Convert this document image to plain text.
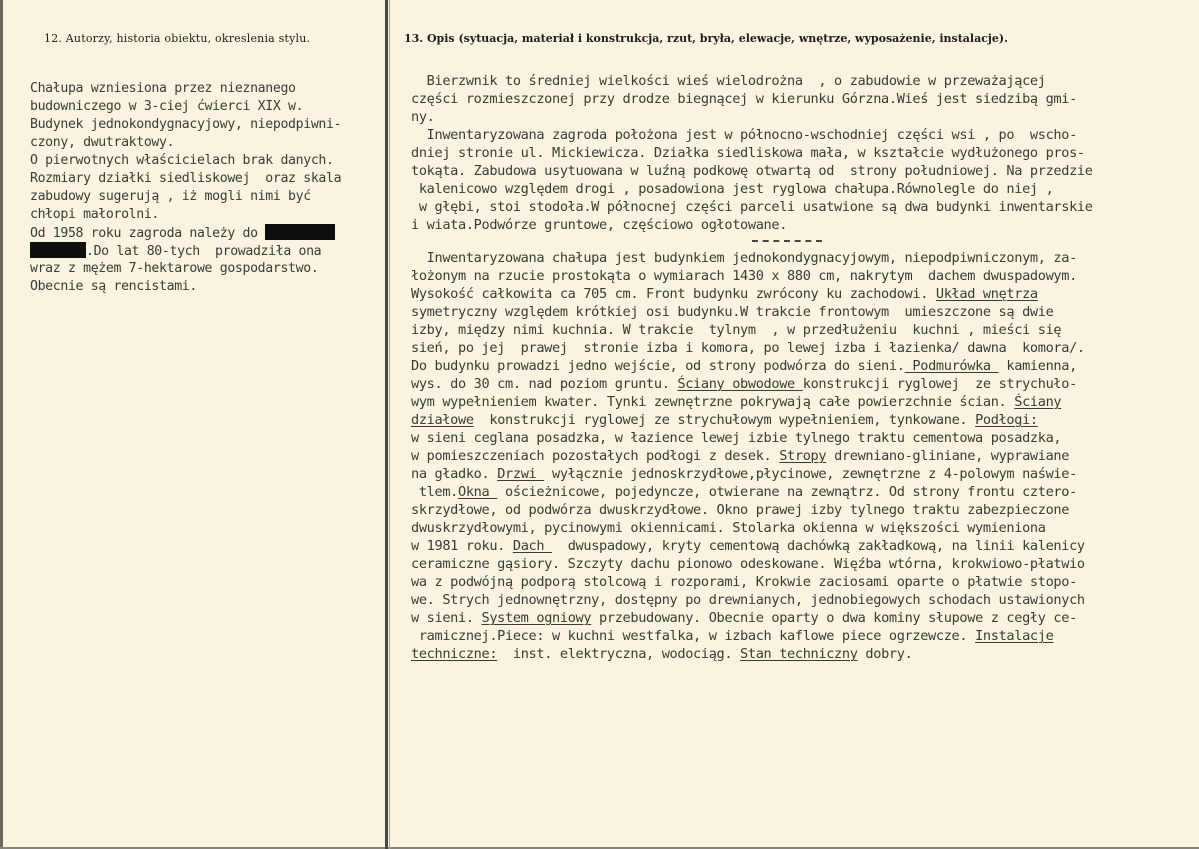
12. Autorzy, historia obiektu, okreslenia stylu.	13. Opis (sytuacja, materiał i konstrukcja, rzut, bryła, elewacje, wnętrze, wyposażenie, instalacje).
Chałupa wzniesiona przez nieznanego
budowniczego w 3-ciej ćwierci XIX w.
Budynek jednokondygnacyjowy, niepodpiwni-
czony, dwutraktowy.
O pierwotnych właścicielach brak danych.
Rozmiary działki siedliskowej  oraz skala
zabudowy sugerują , iż mogli nimi być
chłopi małorolni.
Od 1958 roku zagroda należy do
.Do lat 80-tych  prowadziła ona
wraz z mężem 7-hektarowe gospodarstwo.
Obecnie są rencistami.
Bierzwnik to średniej wielkości wieś wielodrożna  , o zabudowie w przeważającej
części rozmieszczonej przy drodze biegnącej w kierunku Górzna.Wieś jest siedzibą gmi-
ny.
Inwentaryzowana zagroda położona jest w północno-wschodniej części wsi , po  wscho-
dniej stronie ul. Mickiewicza. Działka siedliskowa mała, w kształcie wydłużonego pros-
tokąta. Zabudowa usytuowana w luźną podkowę otwartą od  strony południowej. Na przedzie
kalenicowo względem drogi , posadowiona jest ryglowa chałupa.Równolegle do niej ,
w głębi, stoi stodoła.W północnej części parceli usatwione są dwa budynki inwentarskie
i wiata.Podwórze gruntowe, częściowo ogłotowane.
Inwentaryzowana chałupa jest budynkiem jednokondygnacyjowym, niepodpiwniczonym, za-
łożonym na rzucie prostokąta o wymiarach 1430 x 880 cm, nakrytym  dachem dwuspadowym.
Wysokość całkowita ca 705 cm. Front budynku zwrócony ku zachodowi. Układ wnętrza
symetryczny względem krótkiej osi budynku.W trakcie frontowym  umieszczone są dwie
izby, między nimi kuchnia. W trakcie  tylnym  , w przedłużeniu  kuchni , mieści się
sień, po jej  prawej  stronie izba i komora, po lewej izba i łazienka/ dawna  komora/.
Do budynku prowadzi jedno wejście, od strony podwórza do sieni. Podmurówka  kamienna,
wys. do 30 cm. nad poziom gruntu. Ściany obwodowe konstrukcji ryglowej  ze strychuło-
wym wypełnieniem kwater. Tynki zewnętrzne pokrywają całe powierzchnie ścian. Ściany
działowe  konstrukcji ryglowej ze strychułowym wypełnieniem, tynkowane. Podłogi:
w sieni ceglana posadzka, w łazience lewej izbie tylnego traktu cementowa posadzka,
w pomieszczeniach pozostałych podłogi z desek. Stropy drewniano-gliniane, wyprawiane
na gładko. Drzwi  wyłącznie jednoskrzydłowe,płycinowe, zewnętrzne z 4-polowym naświe-
tlem.Okna  ościeżnicowe, pojedyncze, otwierane na zewnątrz. Od strony frontu cztero-
skrzydłowe, od podwórza dwuskrzydłowe. Okno prawej izby tylnego traktu zabezpieczone
dwuskrzydłowymi, pycinowymi okiennicami. Stolarka okienna w większości wymieniona
w 1981 roku. Dach   dwuspadowy, kryty cementową dachówką zakładkową, na linii kalenicy
ceramiczne gąsiory. Szczyty dachu pionowo odeskowane. Więźba wtórna, krokwiowo-płatwio
wa z podwójną podporą stolcową i rozporami, Krokwie zaciosami oparte o płatwie stopo-
we. Strych jednownętrzny, dostępny po drewnianych, jednobiegowych schodach ustawionych
w sieni. System ogniowy przebudowany. Obecnie oparty o dwa kominy słupowe z cegły ce-
ramicznej.Piece: w kuchni westfalka, w izbach kaflowe piece ogrzewcze. Instalacje
techniczne:  inst. elektryczna, wodociąg. Stan techniczny dobry.
